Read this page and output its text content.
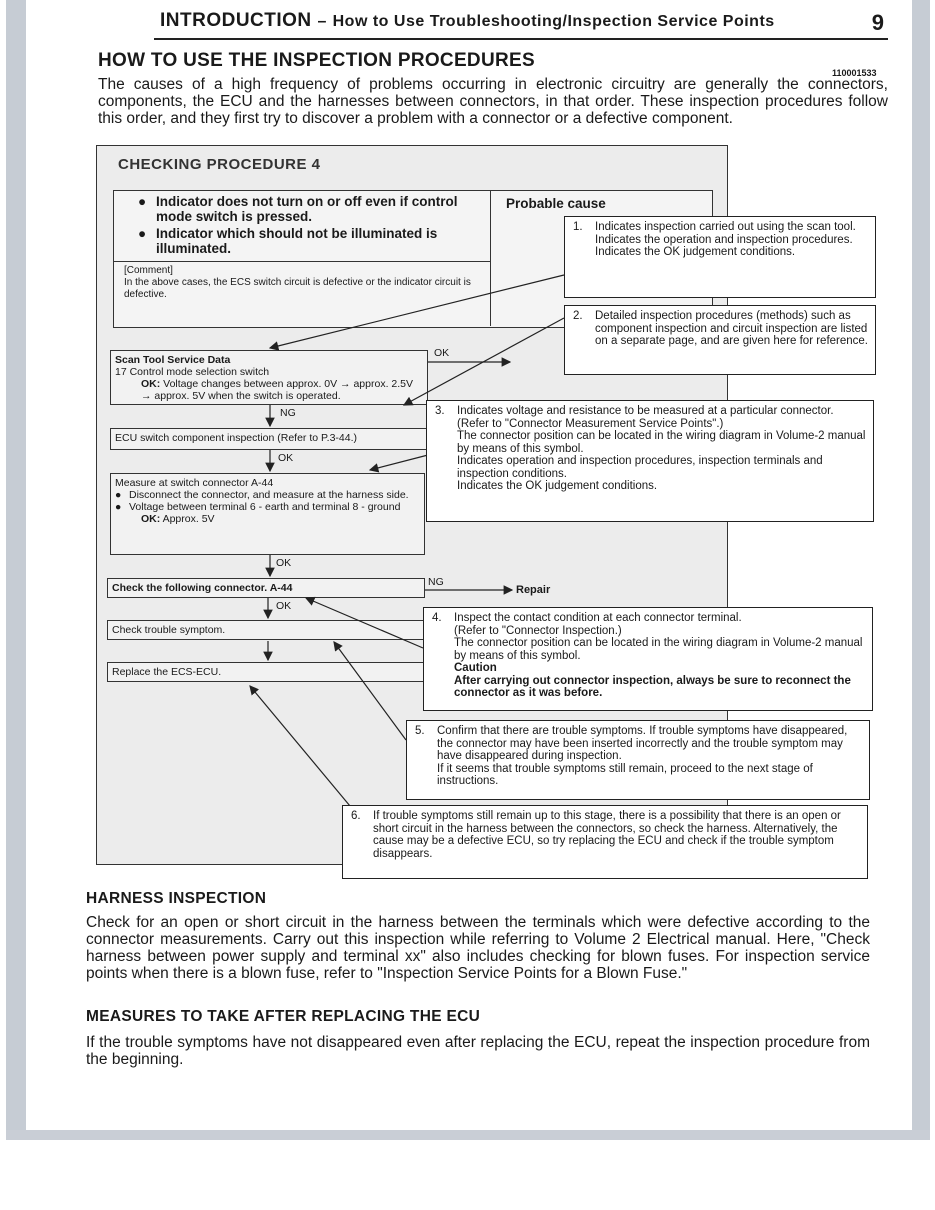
INTRODUCTION – How to Use Troubleshooting/Inspection Service Points	9
HOW TO USE THE INSPECTION PROCEDURES
110001533
The causes of a high frequency of problems occurring in electronic circuitry are generally the connectors, components, the ECU and the harnesses between connectors, in that order. These inspection procedures follow this order, and they first try to discover a problem with a connector or a defective component.
CHECKING PROCEDURE 4
● Indicator does not turn on or off even if control mode switch is pressed.
● Indicator which should not be illuminated is illuminated.
[Comment]
In the above cases, the ECS switch circuit is defective or the indicator circuit is defective.
Probable cause
Scan Tool Service Data
17 Control mode selection switch
OK: Voltage changes between approx. 0V → approx. 2.5V → approx. 5V when the switch is operated.
OK
NG
ECU switch component inspection (Refer to P.3-44.)
OK
Measure at switch connector A-44
● Disconnect the connector, and measure at the harness side.
● Voltage between terminal 6 - earth and terminal 8 - ground
OK: Approx. 5V
OK
Check the following connector. A-44	NG
Repair
OK
Check trouble symptom.
Replace the ECS-ECU.
1. Indicates inspection carried out using the scan tool.
Indicates the operation and inspection procedures.
Indicates the OK judgement conditions.
2. Detailed inspection procedures (methods) such as component inspection and circuit inspection are listed on a separate page, and are given here for reference.
3. Indicates voltage and resistance to be measured at a particular connector.
(Refer to "Connector Measurement Service Points".)
The connector position can be located in the wiring diagram in Volume-2 manual by means of this symbol.
Indicates operation and inspection procedures, inspection terminals and inspection conditions.
Indicates the OK judgement conditions.
4. Inspect the contact condition at each connector terminal.
(Refer to "Connector Inspection.)
The connector position can be located in the wiring diagram in Volume-2 manual by means of this symbol.
Caution
After carrying out connector inspection, always be sure to reconnect the connector as it was before.
5. Confirm that there are trouble symptoms. If trouble symptoms have disappeared, the connector may have been inserted incorrectly and the trouble symptom may have disappeared during inspection.
If it seems that trouble symptoms still remain, proceed to the next stage of instructions.
6. If trouble symptoms still remain up to this stage, there is a possibility that there is an open or short circuit in the harness between the connectors, so check the harness. Alternatively, the cause may be a defective ECU, so try replacing the ECU and check if the trouble symptom disappears.
HARNESS INSPECTION
Check for an open or short circuit in the harness between the terminals which were defective according to the connector measurements. Carry out this inspection while referring to Volume 2 Electrical manual. Here, "Check harness between power supply and terminal xx" also includes checking for blown fuses. For inspection service points when there is a blown fuse, refer to "Inspection Service Points for a Blown Fuse."
MEASURES TO TAKE AFTER REPLACING THE ECU
If the trouble symptoms have not disappeared even after replacing the ECU, repeat the inspection procedure from the beginning.
